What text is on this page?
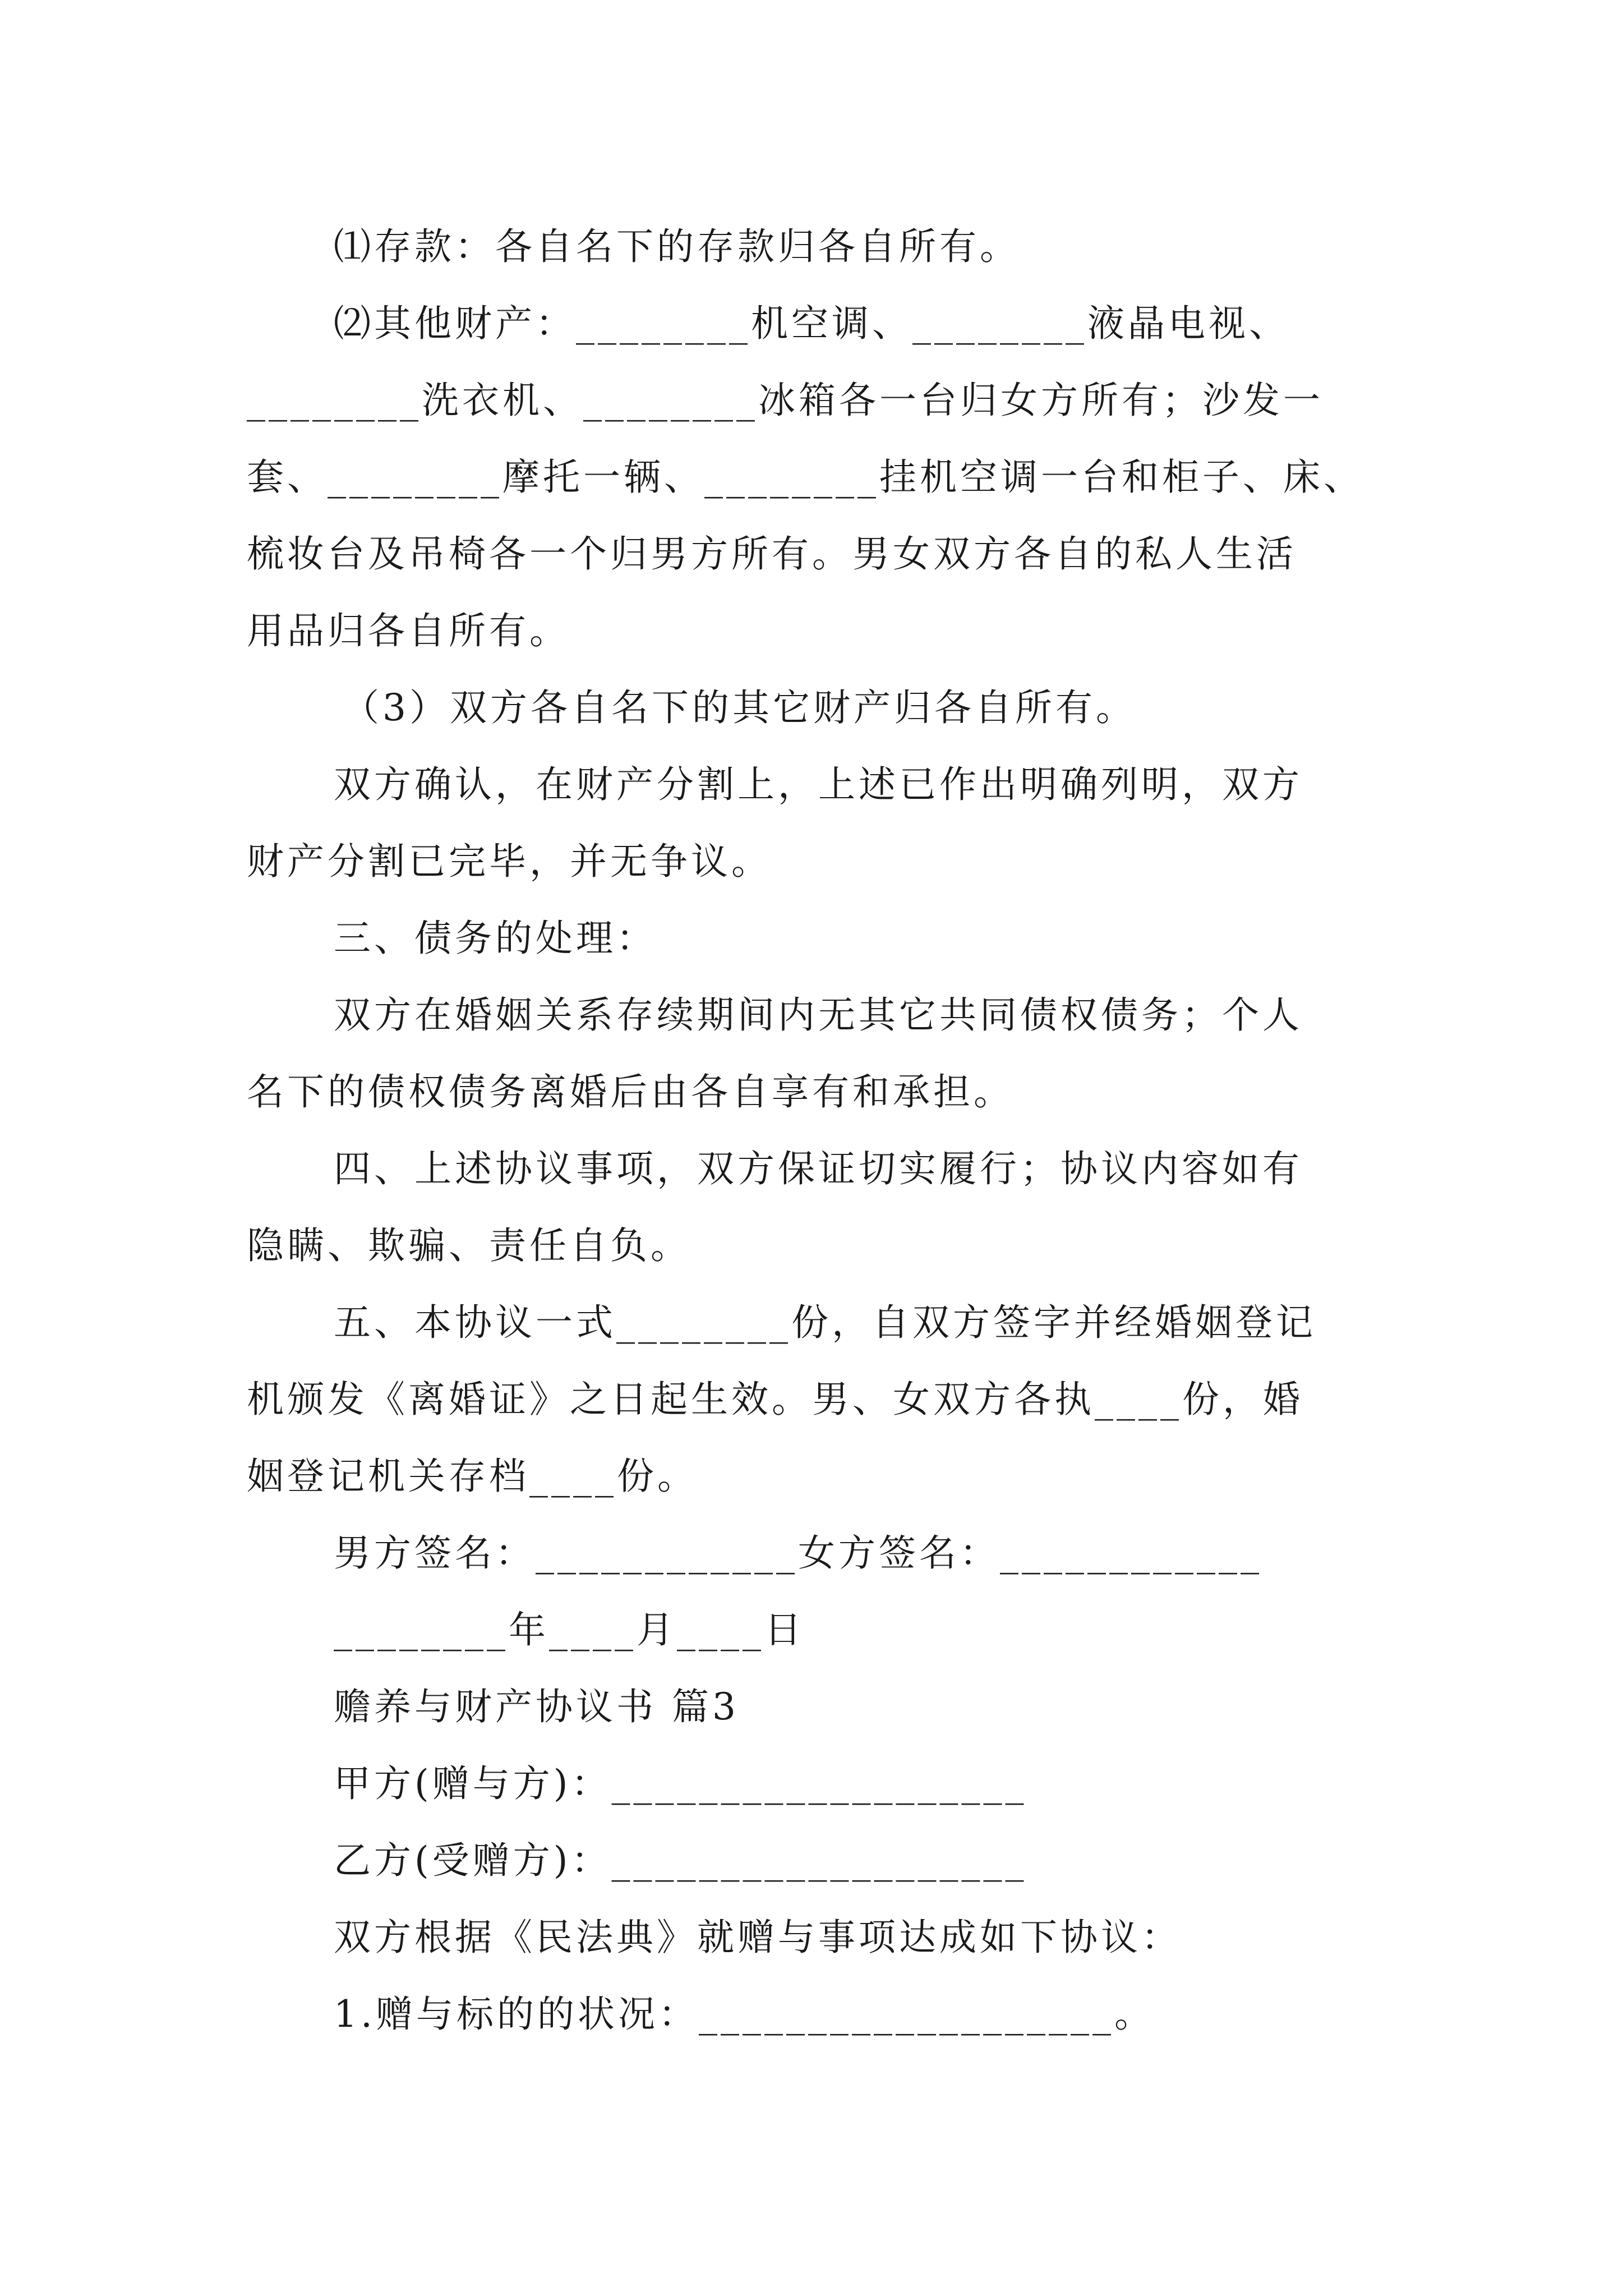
⑴存款：各自名下的存款归各自所有。
⑵其他财产：________机空调、________液晶电视、
________洗衣机、________冰箱各一台归女方所有；沙发一
套、________摩托一辆、________挂机空调一台和柜子、床、
梳妆台及吊椅各一个归男方所有。男女双方各自的私人生活
用品归各自所有。
（3）双方各自名下的其它财产归各自所有。
双方确认，在财产分割上，上述已作出明确列明，双方
财产分割已完毕，并无争议。
三、债务的处理：
双方在婚姻关系存续期间内无其它共同债权债务；个人
名下的债权债务离婚后由各自享有和承担。
四、上述协议事项，双方保证切实履行；协议内容如有
隐瞒、欺骗、责任自负。
五、本协议一式________份，自双方签字并经婚姻登记
机颁发《离婚证》之日起生效。男、女双方各执____份，婚
姻登记机关存档____份。
男方签名：____________女方签名：____________
________年____月____日
赡养与财产协议书 篇3
甲方(赠与方)：___________________
乙方(受赠方)：___________________
双方根据《民法典》就赠与事项达成如下协议：
1.赠与标的的状况：___________________。
